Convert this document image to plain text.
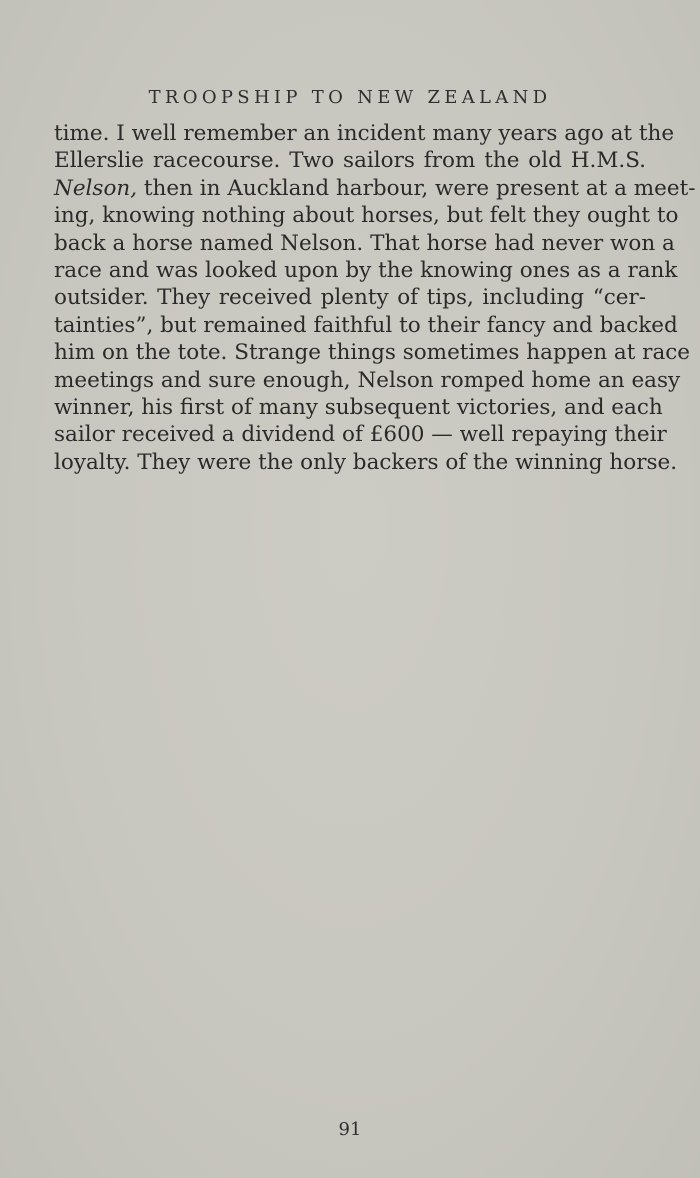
TROOPSHIP TO NEW ZEALAND
time. I well remember an incident many years ago at the
Ellerslie racecourse. Two sailors from the old H.M.S.
Nelson, then in Auckland harbour, were present at a meet-
ing, knowing nothing about horses, but felt they ought to
back a horse named Nelson. That horse had never won a
race and was looked upon by the knowing ones as a rank
outsider. They received plenty of tips, including “cer-
tainties”, but remained faithful to their fancy and backed
him on the tote. Strange things sometimes happen at race
meetings and sure enough, Nelson romped home an easy
winner, his first of many subsequent victories, and each
sailor received a dividend of £600 — well repaying their
loyalty. They were the only backers of the winning horse.
91
